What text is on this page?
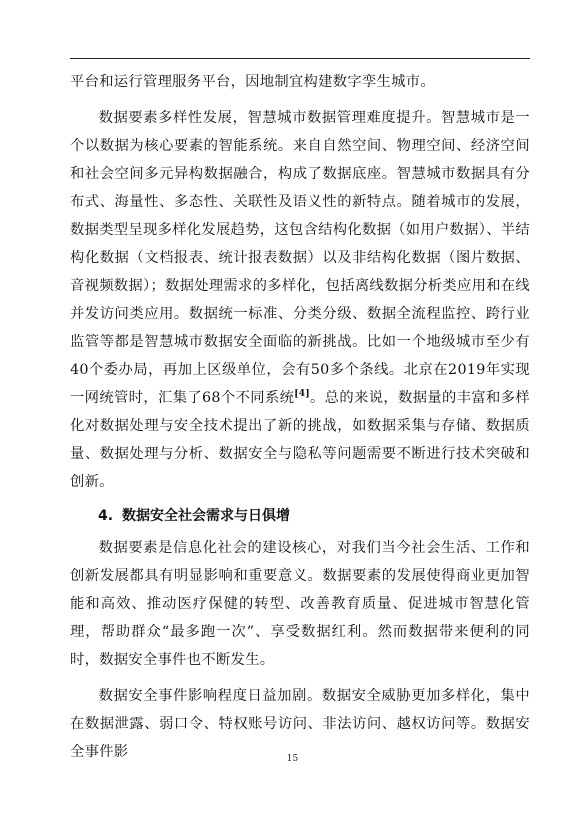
平台和运行管理服务平台，因地制宜构建数字孪生城市。

数据要素多样性发展，智慧城市数据管理难度提升。智慧城市是一个以数据为核心要素的智能系统。来自自然空间、物理空间、经济空间和社会空间多元异构数据融合，构成了数据底座。智慧城市数据具有分布式、海量性、多态性、关联性及语义性的新特点。随着城市的发展，数据类型呈现多样化发展趋势，这包含结构化数据（如用户数据）、半结构化数据（文档报表、统计报表数据）以及非结构化数据（图片数据、音视频数据）；数据处理需求的多样化，包括离线数据分析类应用和在线并发访问类应用。数据统一标准、分类分级、数据全流程监控、跨行业监管等都是智慧城市数据安全面临的新挑战。比如一个地级城市至少有40个委办局，再加上区级单位，会有50多个条线。北京在2019年实现一网统管时，汇集了68个不同系统[4]。总的来说，数据量的丰富和多样化对数据处理与安全技术提出了新的挑战，如数据采集与存储、数据质量、数据处理与分析、数据安全与隐私等问题需要不断进行技术突破和创新。

4. 数据安全社会需求与日俱增

数据要素是信息化社会的建设核心，对我们当今社会生活、工作和创新发展都具有明显影响和重要意义。数据要素的发展使得商业更加智能和高效、推动医疗保健的转型、改善教育质量、促进城市智慧化管理，帮助群众“最多跑一次”、享受数据红利。然而数据带来便利的同时，数据安全事件也不断发生。

数据安全事件影响程度日益加剧。数据安全威胁更加多样化，集中在数据泄露、弱口令、特权账号访问、非法访问、越权访问等。数据安全事件影	15
